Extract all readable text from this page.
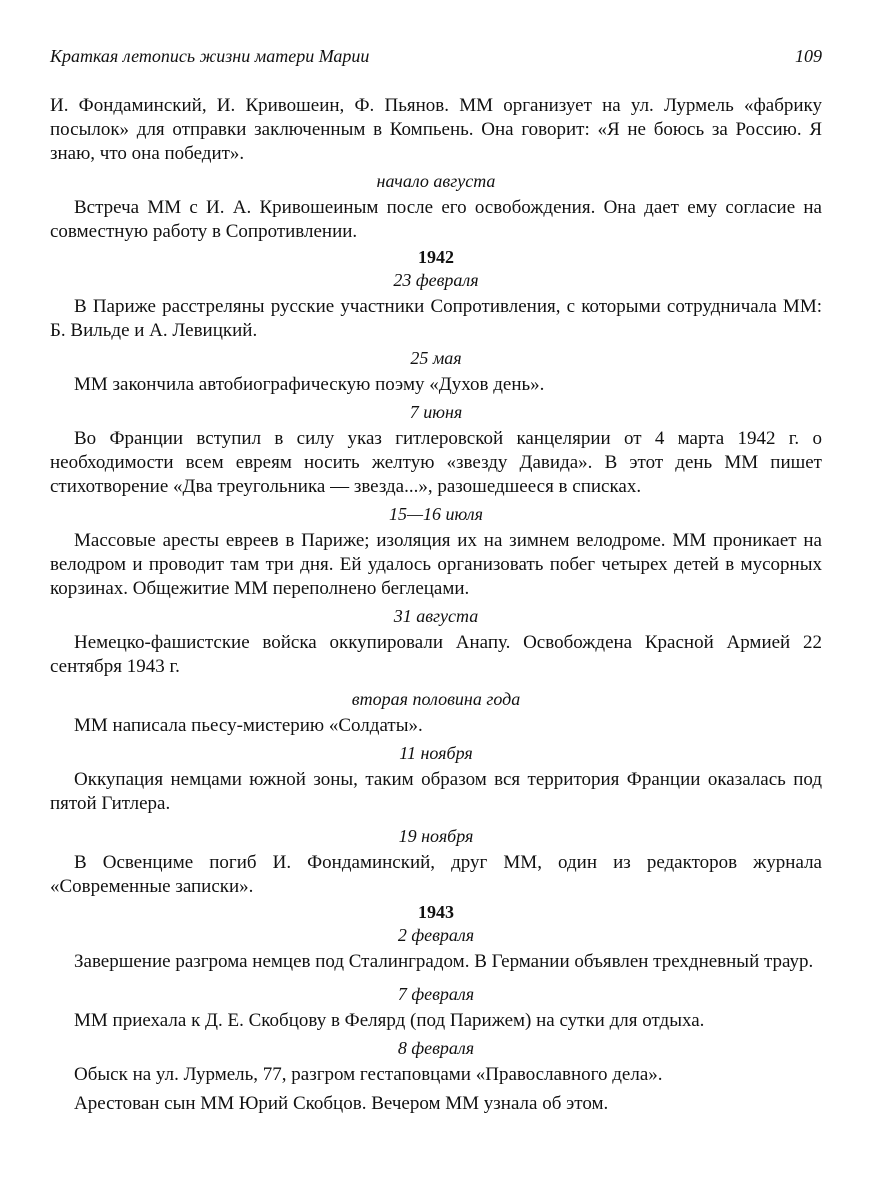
Краткая летопись жизни матери Марии	109

И. Фондаминский, И. Кривошеин, Ф. Пьянов. ММ организует на ул. Лурмель «фабрику посылок» для отправки заключенным в Компьень. Она говорит: «Я не боюсь за Россию. Я знаю, что она победит».

начало августа

Встреча ММ с И. А. Кривошеиным после его освобождения. Она дает ему согласие на совместную работу в Сопротивлении.

1942
23 февраля

В Париже расстреляны русские участники Сопротивления, с которыми сотрудничала ММ: Б. Вильде и А. Левицкий.

25 мая

ММ закончила автобиографическую поэму «Духов день».

7 июня

Во Франции вступил в силу указ гитлеровской канцелярии от 4 марта 1942 г. о необходимости всем евреям носить желтую «звезду Давида». В этот день ММ пишет стихотворение «Два треугольника — звезда...», разошедшееся в списках.

15—16 июля

Массовые аресты евреев в Париже; изоляция их на зимнем велодроме. ММ проникает на велодром и проводит там три дня. Ей удалось организовать побег четырех детей в мусорных корзинах. Общежитие ММ переполнено беглецами.

31 августа

Немецко-фашистские войска оккупировали Анапу. Освобождена Красной Армией 22 сентября 1943 г.

вторая половина года

ММ написала пьесу-мистерию «Солдаты».

11 ноября

Оккупация немцами южной зоны, таким образом вся территория Франции оказалась под пятой Гитлера.

19 ноября

В Освенциме погиб И. Фондаминский, друг ММ, один из редакторов журнала «Современные записки».

1943
2 февраля

Завершение разгрома немцев под Сталинградом. В Германии объявлен трехдневный траур.

7 февраля

ММ приехала к Д. Е. Скобцову в Фелярд (под Парижем) на сутки для отдыха.

8 февраля

Обыск на ул. Лурмель, 77, разгром гестаповцами «Православного дела».

Арестован сын ММ Юрий Скобцов. Вечером ММ узнала об этом.
